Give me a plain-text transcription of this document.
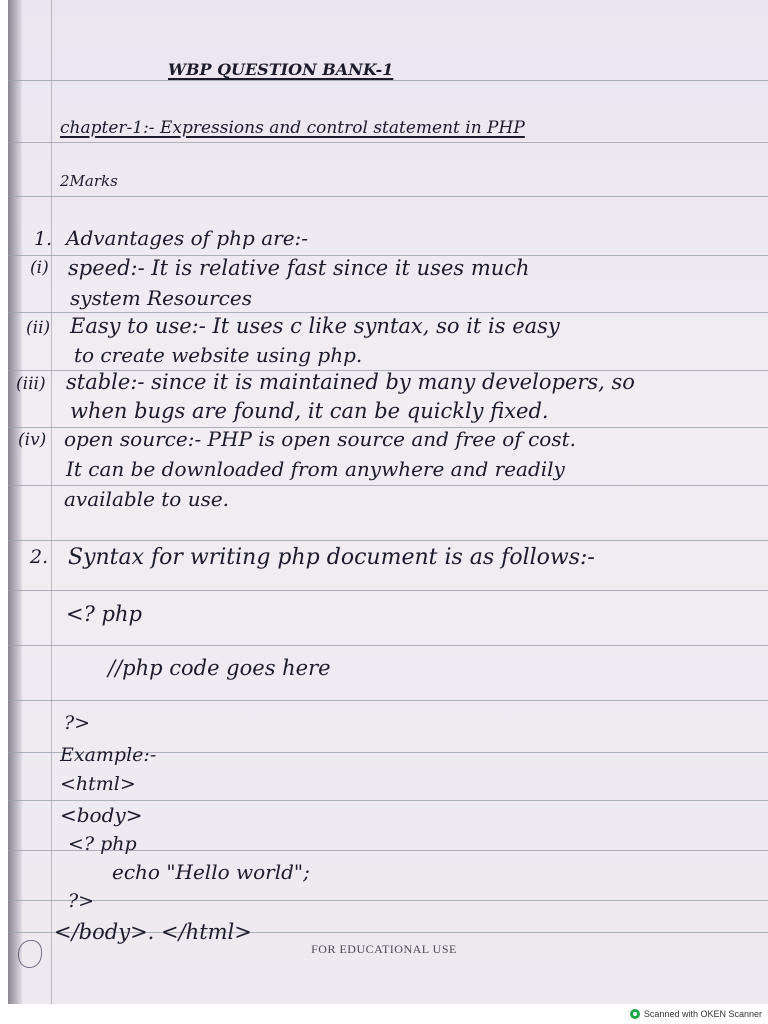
WBP QUESTION BANK-1
chapter-1:- Expressions and control statement in PHP
2Marks
1. Advantages of php are:-
(i) speed:- It is relative fast since it uses much
system Resources
(ii) Easy to use:- It uses c like syntax, so it is easy
to create website using php.
(iii) stable:- since it is maintained by many developers, so
when bugs are found, it can be quickly fixed.
(iv) open source:- PHP is open source and free of cost.
It can be downloaded from anywhere and readily
available to use.
2. Syntax for writing php document is as follows:-
<? php
//php code goes here
?>
Example:-
<html>
<body>
<? php
echo "Hello world";
?>
</body>. </html>
FOR EDUCATIONAL USE
Scanned with OKEN Scanner
